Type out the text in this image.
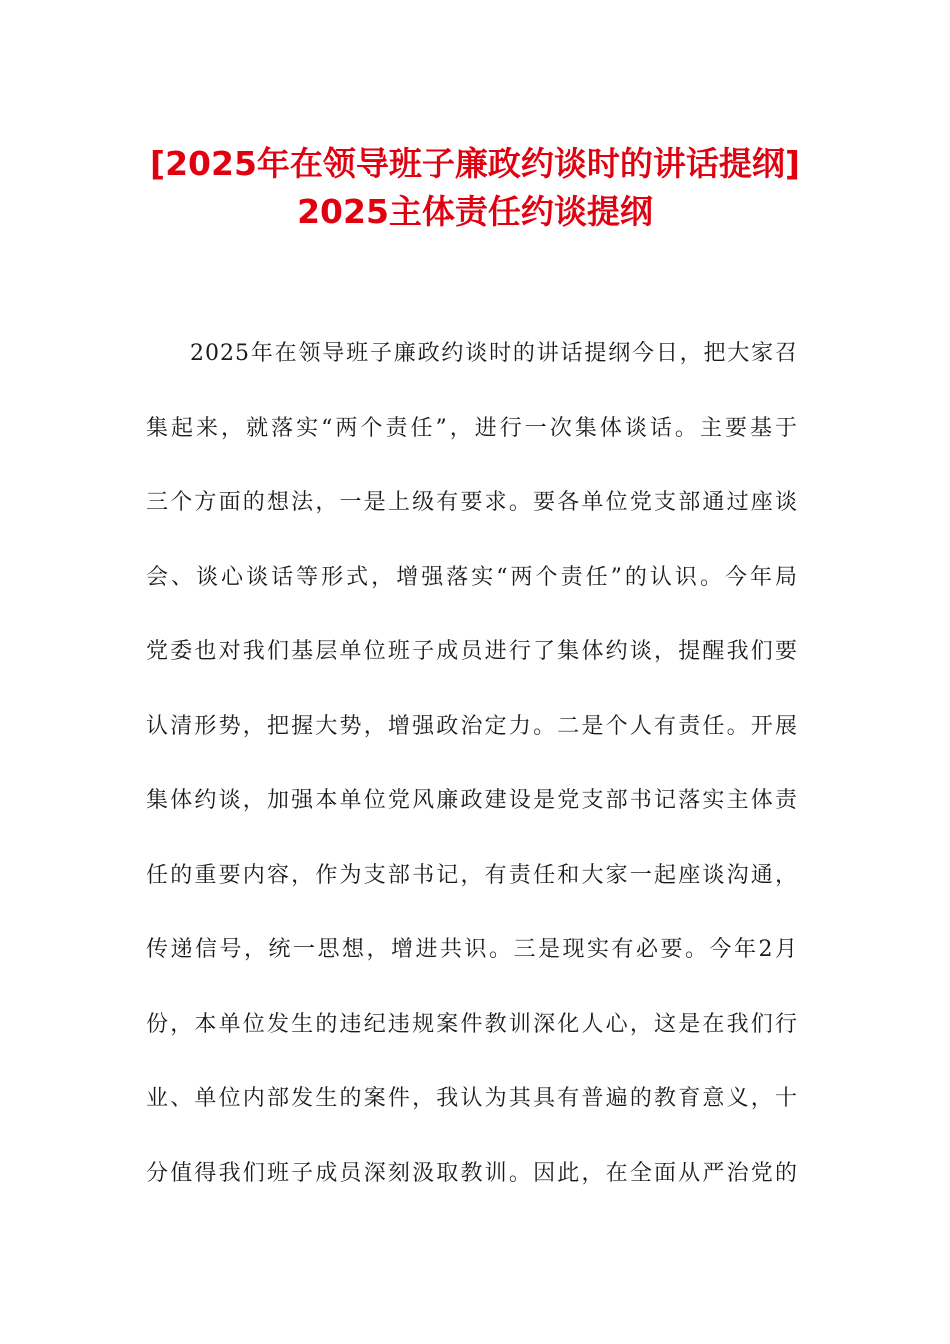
[2025年在领导班子廉政约谈时的讲话提纲]
2025主体责任约谈提纲
2025年在领导班子廉政约谈时的讲话提纲今日，把大家召
集起来，就落实“两个责任”，进行一次集体谈话。主要基于
三个方面的想法，一是上级有要求。要各单位党支部通过座谈
会、谈心谈话等形式，增强落实“两个责任”的认识。今年局
党委也对我们基层单位班子成员进行了集体约谈，提醒我们要
认清形势，把握大势，增强政治定力。二是个人有责任。开展
集体约谈，加强本单位党风廉政建设是党支部书记落实主体责
任的重要内容，作为支部书记，有责任和大家一起座谈沟通，
传递信号，统一思想，增进共识。三是现实有必要。今年2月
份，本单位发生的违纪违规案件教训深化人心，这是在我们行
业、单位内部发生的案件，我认为其具有普遍的教育意义，十
分值得我们班子成员深刻汲取教训。因此，在全面从严治党的
